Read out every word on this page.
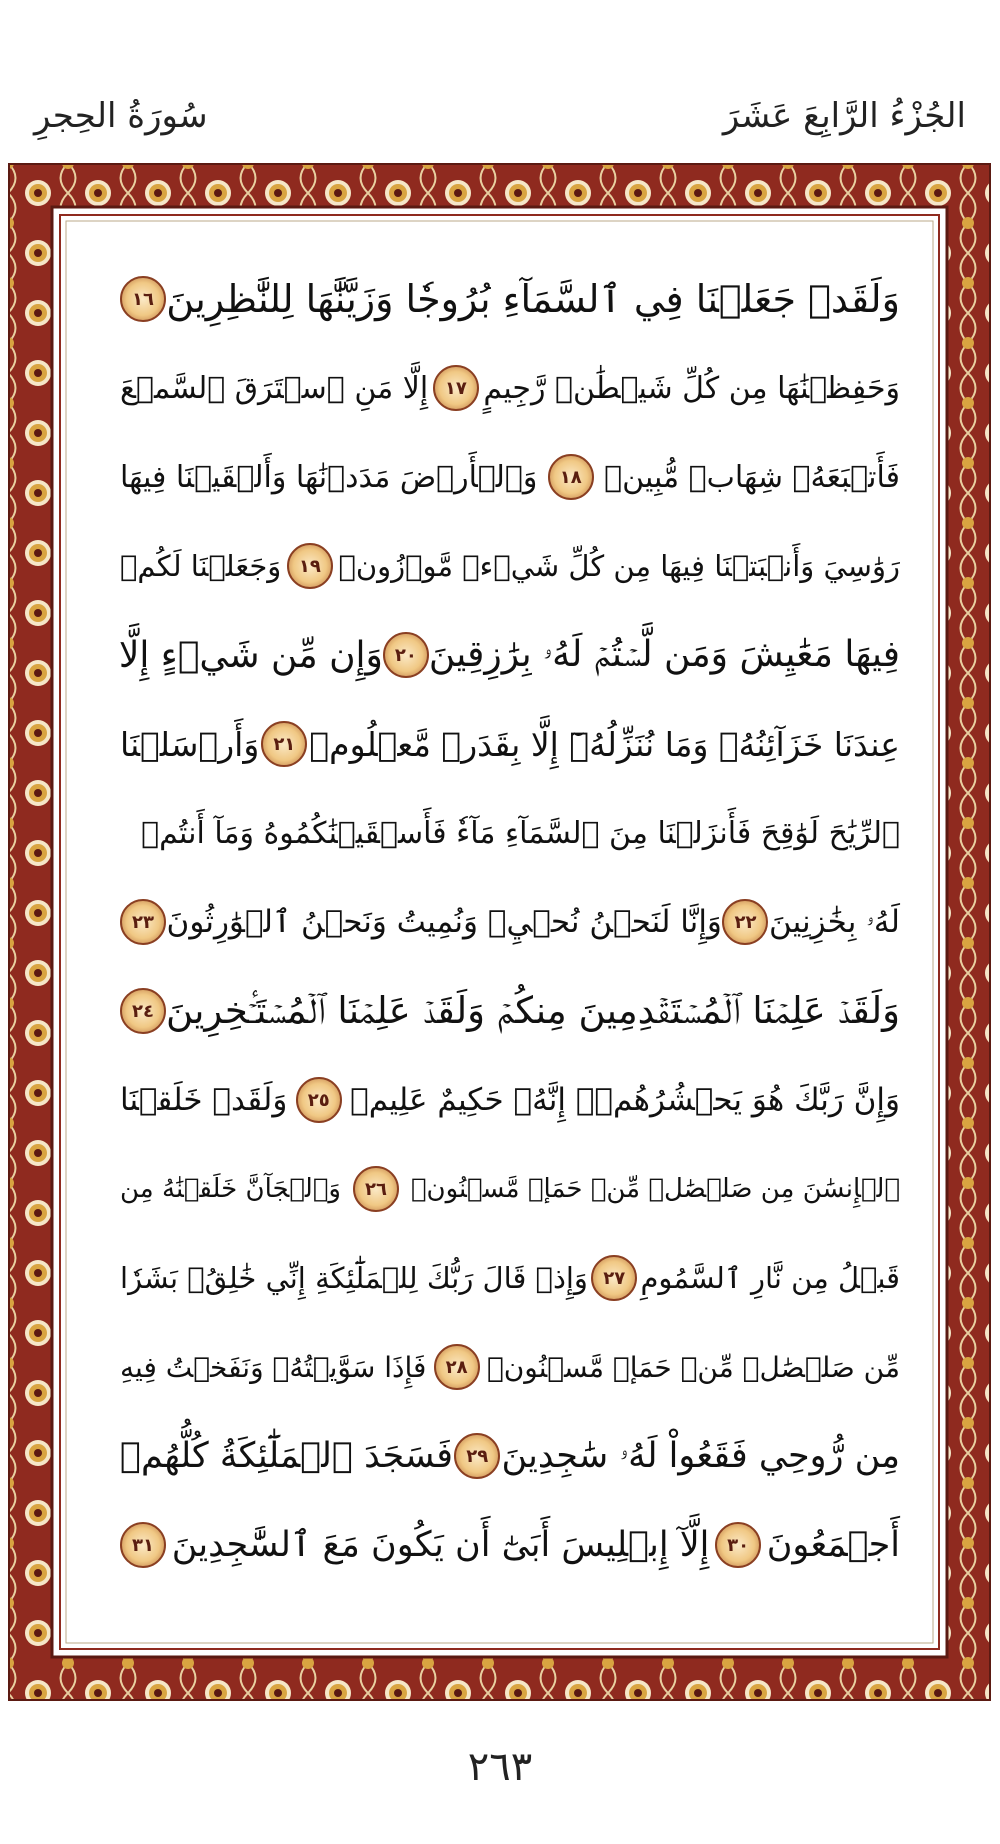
سُورَةُ الحِجرِ	الجُزْءُ الرَّابِعَ عَشَرَ
وَلَقَدۡ جَعَلۡنَا فِي ٱلسَّمَآءِ بُرُوجٗا وَزَيَّنَّٰهَا لِلنَّٰظِرِينَ
١٦
وَحَفِظۡنَٰهَا مِن كُلِّ شَيۡطَٰنٖ رَّجِيمٍ
١٧
إِلَّا مَنِ ٱسۡتَرَقَ ٱلسَّمۡعَ
فَأَتۡبَعَهُۥ شِهَابٞ مُّبِينٞ
١٨
وَٱلۡأَرۡضَ مَدَدۡنَٰهَا وَأَلۡقَيۡنَا فِيهَا
رَوَٰسِيَ وَأَنۢبَتۡنَا فِيهَا مِن كُلِّ شَيۡءٖ مَّوۡزُونٖ
١٩
وَجَعَلۡنَا لَكُمۡ
فِيهَا مَعَٰيِشَ وَمَن لَّسۡتُمۡ لَهُۥ بِرَٰزِقِينَ
٢٠
وَإِن مِّن شَيۡءٍ إِلَّا
عِندَنَا خَزَآئِنُهُۥ وَمَا نُنَزِّلُهُۥٓ إِلَّا بِقَدَرٖ مَّعۡلُومٖ
٢١
وَأَرۡسَلۡنَا
ٱلرِّيَٰحَ لَوَٰقِحَ فَأَنزَلۡنَا مِنَ ٱلسَّمَآءِ مَآءٗ فَأَسۡقَيۡنَٰكُمُوهُ وَمَآ أَنتُمۡ
لَهُۥ بِخَٰزِنِينَ
٢٢
وَإِنَّا لَنَحۡنُ نُحۡيِۦ وَنُمِيتُ وَنَحۡنُ ٱلۡوَٰرِثُونَ
٢٣
وَلَقَدۡ عَلِمۡنَا ٱلۡمُسۡتَقۡدِمِينَ مِنكُمۡ وَلَقَدۡ عَلِمۡنَا ٱلۡمُسۡتَـٔۡخِرِينَ
٢٤
وَإِنَّ رَبَّكَ هُوَ يَحۡشُرُهُمۡۚ إِنَّهُۥ حَكِيمٌ عَلِيمٞ
٢٥
وَلَقَدۡ خَلَقۡنَا
ٱلۡإِنسَٰنَ مِن صَلۡصَٰلٖ مِّنۡ حَمَإٖ مَّسۡنُونٖ
٢٦
وَٱلۡجَآنَّ خَلَقۡنَٰهُ مِن
قَبۡلُ مِن نَّارِ ٱلسَّمُومِ
٢٧
وَإِذۡ قَالَ رَبُّكَ لِلۡمَلَٰٓئِكَةِ إِنِّي خَٰلِقُۢ بَشَرٗا
مِّن صَلۡصَٰلٖ مِّنۡ حَمَإٖ مَّسۡنُونٖ
٢٨
فَإِذَا سَوَّيۡتُهُۥ وَنَفَخۡتُ فِيهِ
مِن رُّوحِي فَقَعُواْ لَهُۥ سَٰجِدِينَ
٢٩
فَسَجَدَ ٱلۡمَلَٰٓئِكَةُ كُلُّهُمۡ
أَجۡمَعُونَ
٣٠
إِلَّآ إِبۡلِيسَ أَبَىٰٓ أَن يَكُونَ مَعَ ٱلسَّٰجِدِينَ
٣١
٢٦٣
